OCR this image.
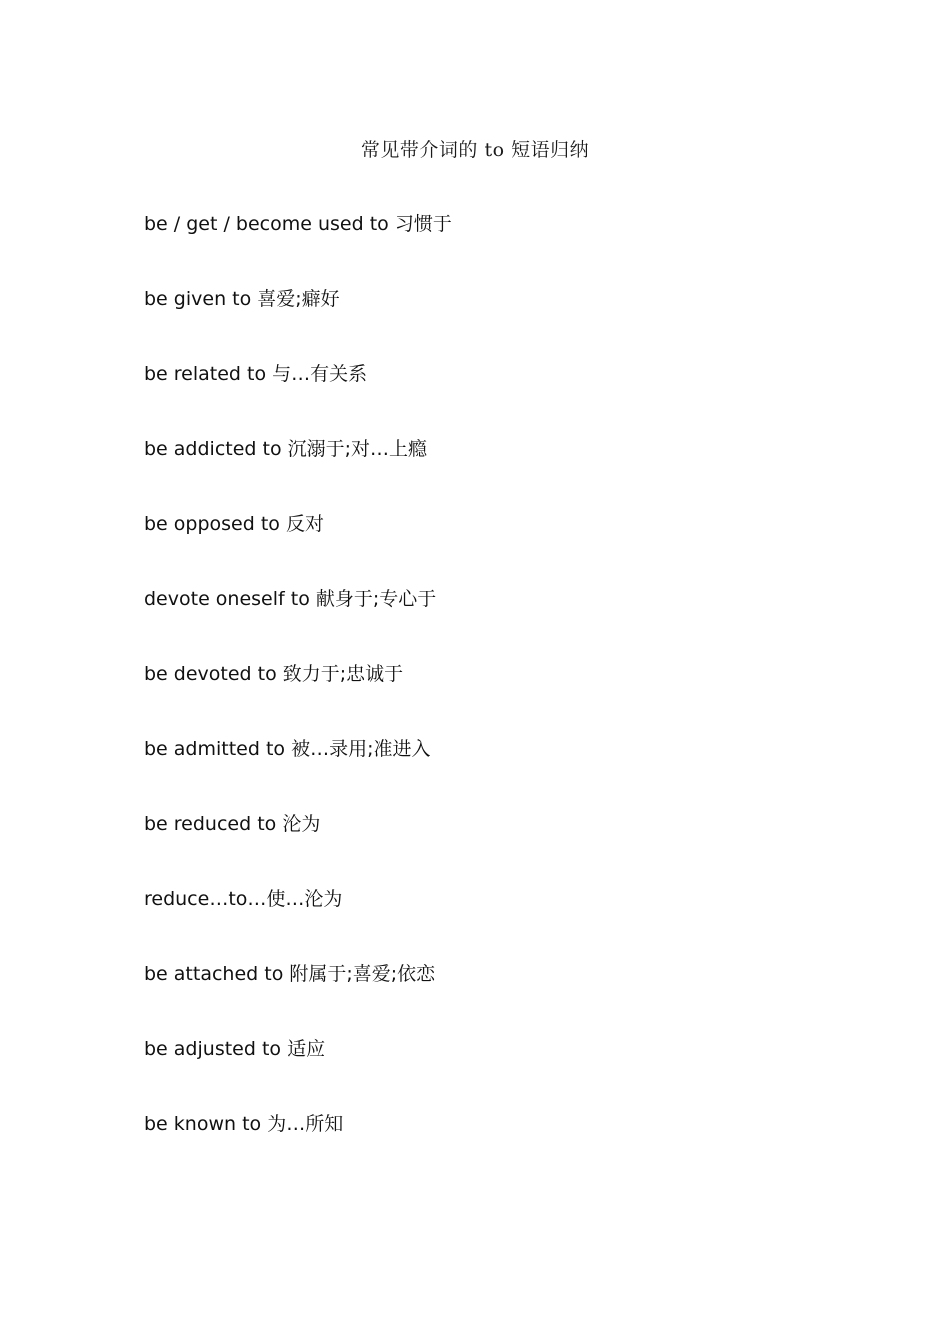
常见带介词的 to 短语归纳
be / get / become used to 习惯于
be given to 喜爱;癖好
be related to 与…有关系
be addicted to 沉溺于;对…上瘾
be opposed to 反对
devote oneself to 献身于;专心于
be devoted to 致力于;忠诚于
be admitted to 被…录用;准进入
be reduced to 沦为
reduce…to…使…沦为
be attached to 附属于;喜爱;依恋
be adjusted to 适应
be known to 为…所知
